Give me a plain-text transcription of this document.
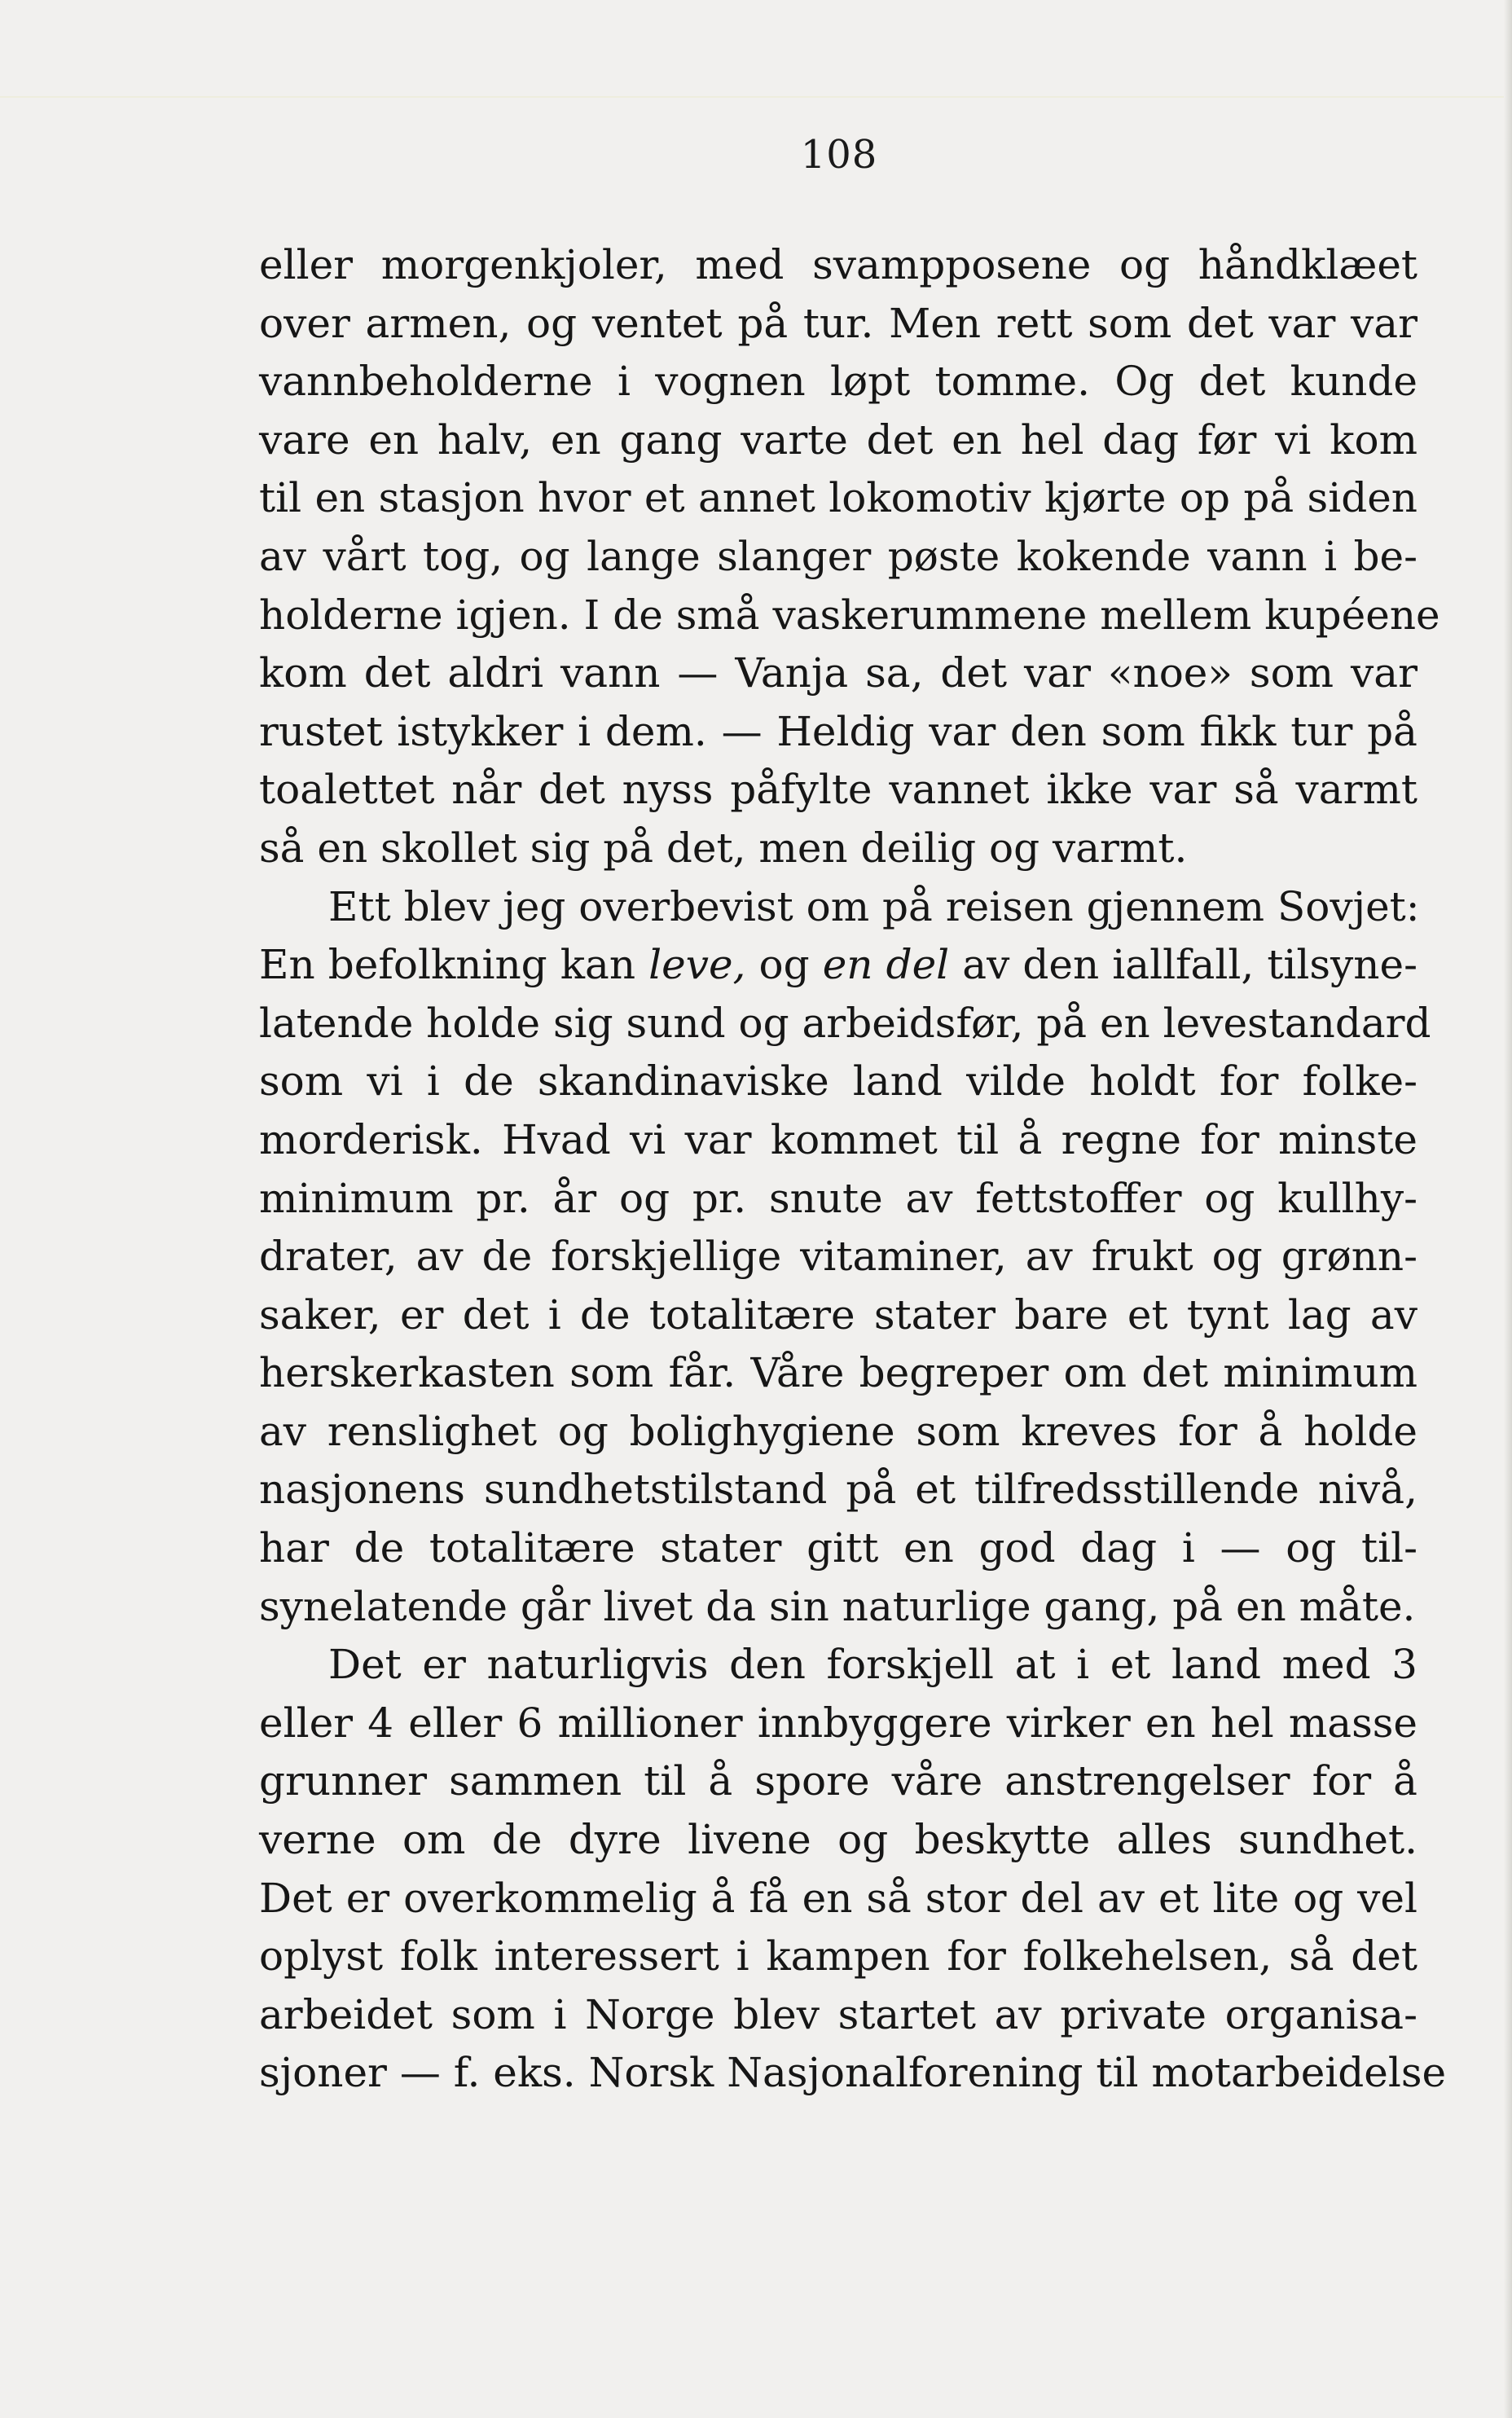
108
eller morgenkjoler, med svampposene og håndklæet
over armen, og ventet på tur. Men rett som det var var
vannbeholderne i vognen løpt tomme. Og det kunde
vare en halv, en gang varte det en hel dag før vi kom
til en stasjon hvor et annet lokomotiv kjørte op på siden
av vårt tog, og lange slanger pøste kokende vann i be-
holderne igjen. I de små vaskerummene mellem kupéene
kom det aldri vann — Vanja sa, det var «noe» som var
rustet istykker i dem. — Heldig var den som fikk tur på
toalettet når det nyss påfylte vannet ikke var så varmt
så en skollet sig på det, men deilig og varmt.
Ett blev jeg overbevist om på reisen gjennem Sovjet:
En befolkning kan leve, og en del av den iallfall, tilsyne-
latende holde sig sund og arbeidsfør, på en levestandard
som vi i de skandinaviske land vilde holdt for folke-
morderisk. Hvad vi var kommet til å regne for minste
minimum pr. år og pr. snute av fettstoffer og kullhy-
drater, av de forskjellige vitaminer, av frukt og grønn-
saker, er det i de totalitære stater bare et tynt lag av
herskerkasten som får. Våre begreper om det minimum
av renslighet og bolighygiene som kreves for å holde
nasjonens sundhetstilstand på et tilfredsstillende nivå,
har de totalitære stater gitt en god dag i — og til-
synelatende går livet da sin naturlige gang, på en måte.
Det er naturligvis den forskjell at i et land med 3
eller 4 eller 6 millioner innbyggere virker en hel masse
grunner sammen til å spore våre anstrengelser for å
verne om de dyre livene og beskytte alles sundhet.
Det er overkommelig å få en så stor del av et lite og vel
oplyst folk interessert i kampen for folkehelsen, så det
arbeidet som i Norge blev startet av private organisa-
sjoner — f. eks. Norsk Nasjonalforening til motarbeidelse
